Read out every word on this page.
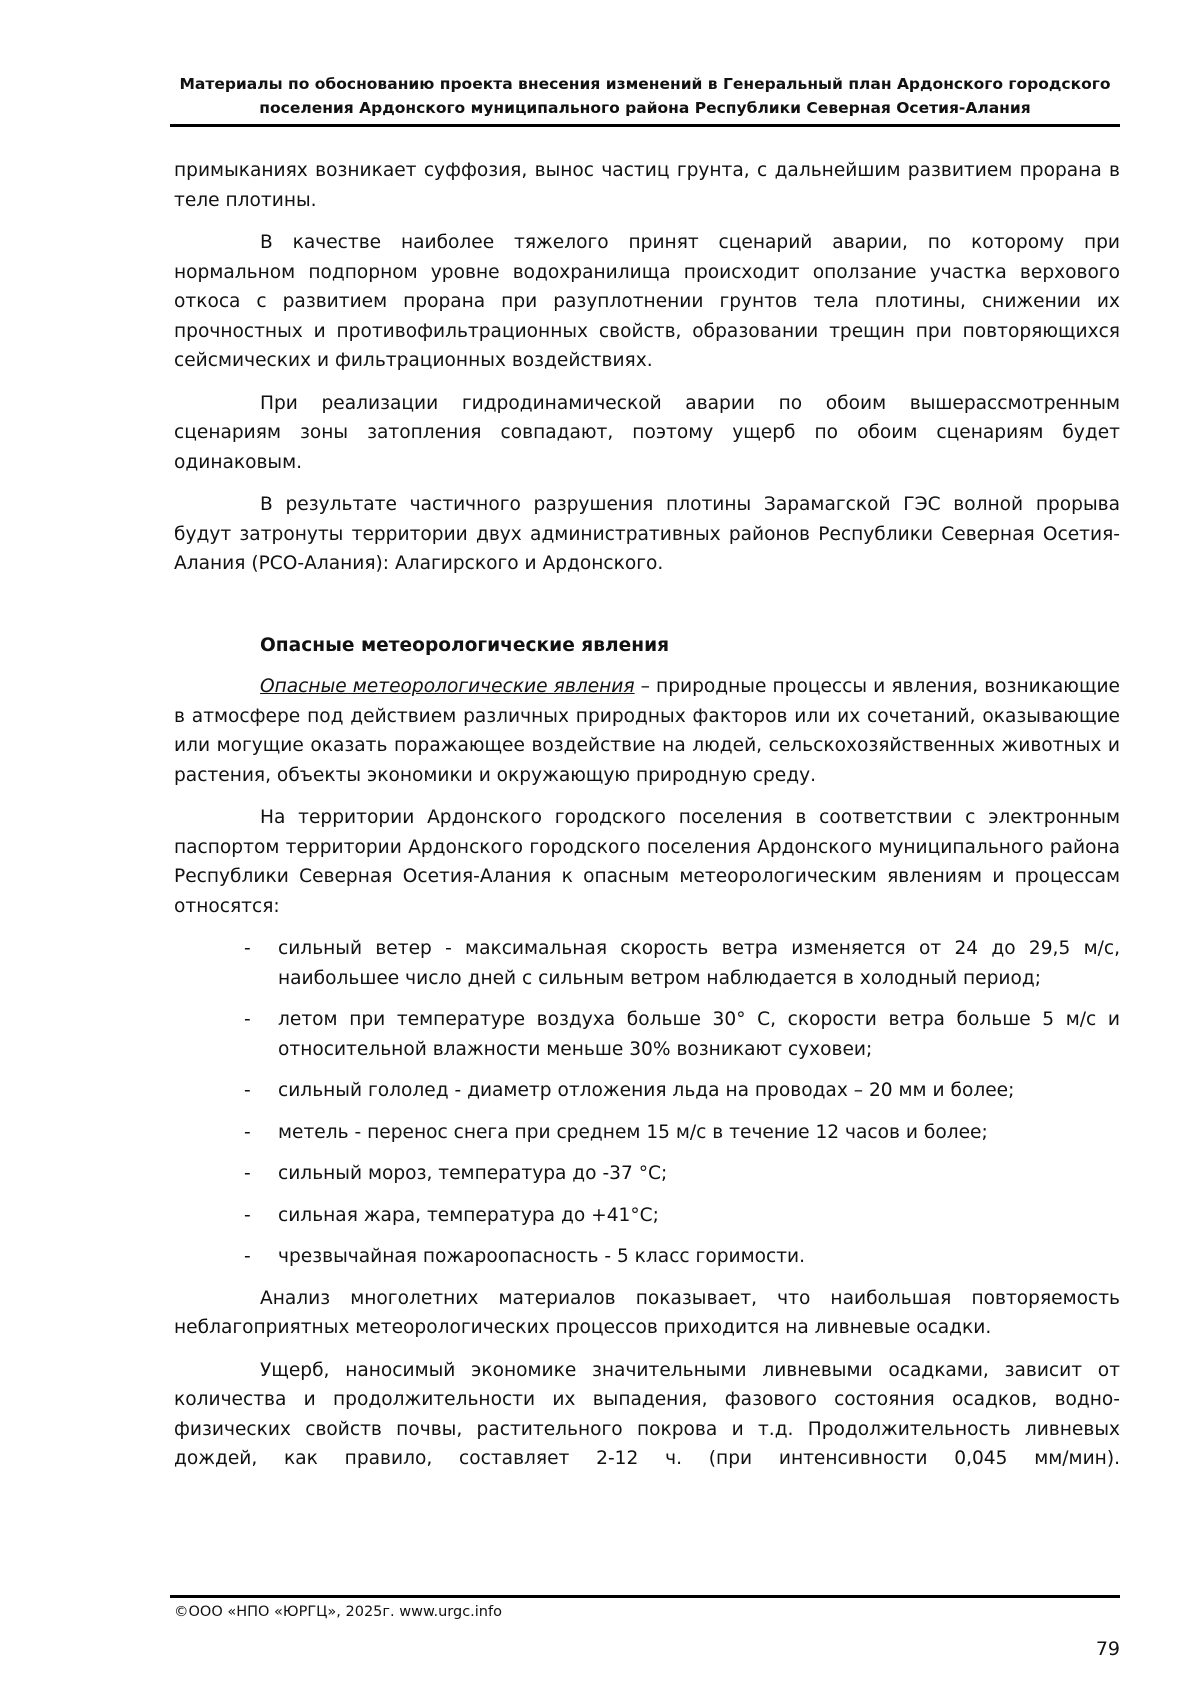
Материалы по обоснованию проекта внесения изменений в Генеральный план Ардонского городского
поселения Ардонского муниципального района Республики Северная Осетия-Алания

примыканиях возникает суффозия, вынос частиц грунта, с дальнейшим развитием прорана в теле плотины.

В качестве наиболее тяжелого принят сценарий аварии, по которому при нормальном подпорном уровне водохранилища происходит оползание участка верхового откоса с развитием прорана при разуплотнении грунтов тела плотины, снижении их прочностных и противофильтрационных свойств, образовании трещин при повторяющихся сейсмических и фильтрационных воздействиях.

При реализации гидродинамической аварии по обоим вышерассмотренным сценариям зоны затопления совпадают, поэтому ущерб по обоим сценариям будет одинаковым.

В результате частичного разрушения плотины Зарамагской ГЭС волной прорыва будут затронуты территории двух административных районов Республики Северная Осетия-Алания (РСО-Алания): Алагирского и Ардонского.

Опасные метеорологические явления

Опасные метеорологические явления – природные процессы и явления, возникающие в атмосфере под действием различных природных факторов или их сочетаний, оказывающие или могущие оказать поражающее воздействие на людей, сельскохозяйственных животных и растения, объекты экономики и окружающую природную среду.

На территории Ардонского городского поселения в соответствии с электронным паспортом территории Ардонского городского поселения Ардонского муниципального района Республики Северная Осетия-Алания к опасным метеорологическим явлениям и процессам относятся:

- сильный ветер - максимальная скорость ветра изменяется от 24 до 29,5 м/с, наибольшее число дней с сильным ветром наблюдается в холодный период;
- летом при температуре воздуха больше 30° С, скорости ветра больше 5 м/с и относительной влажности меньше 30% возникают суховеи;
- сильный гололед - диаметр отложения льда на проводах – 20 мм и более;
- метель - перенос снега при среднем 15 м/с в течение 12 часов и более;
- сильный мороз, температура до -37 °С;
- сильная жара, температура до +41°С;
- чрезвычайная пожароопасность - 5 класс горимости.

Анализ многолетних материалов показывает, что наибольшая повторяемость неблагоприятных метеорологических процессов приходится на ливневые осадки.

Ущерб, наносимый экономике значительными ливневыми осадками, зависит от количества и продолжительности их выпадения, фазового состояния осадков, водно-физических свойств почвы, растительного покрова и т.д. Продолжительность ливневых дождей, как правило, составляет 2-12 ч. (при интенсивности 0,045 мм/мин).

©ООО «НПО «ЮРГЦ», 2025г. www.urgc.info
79
